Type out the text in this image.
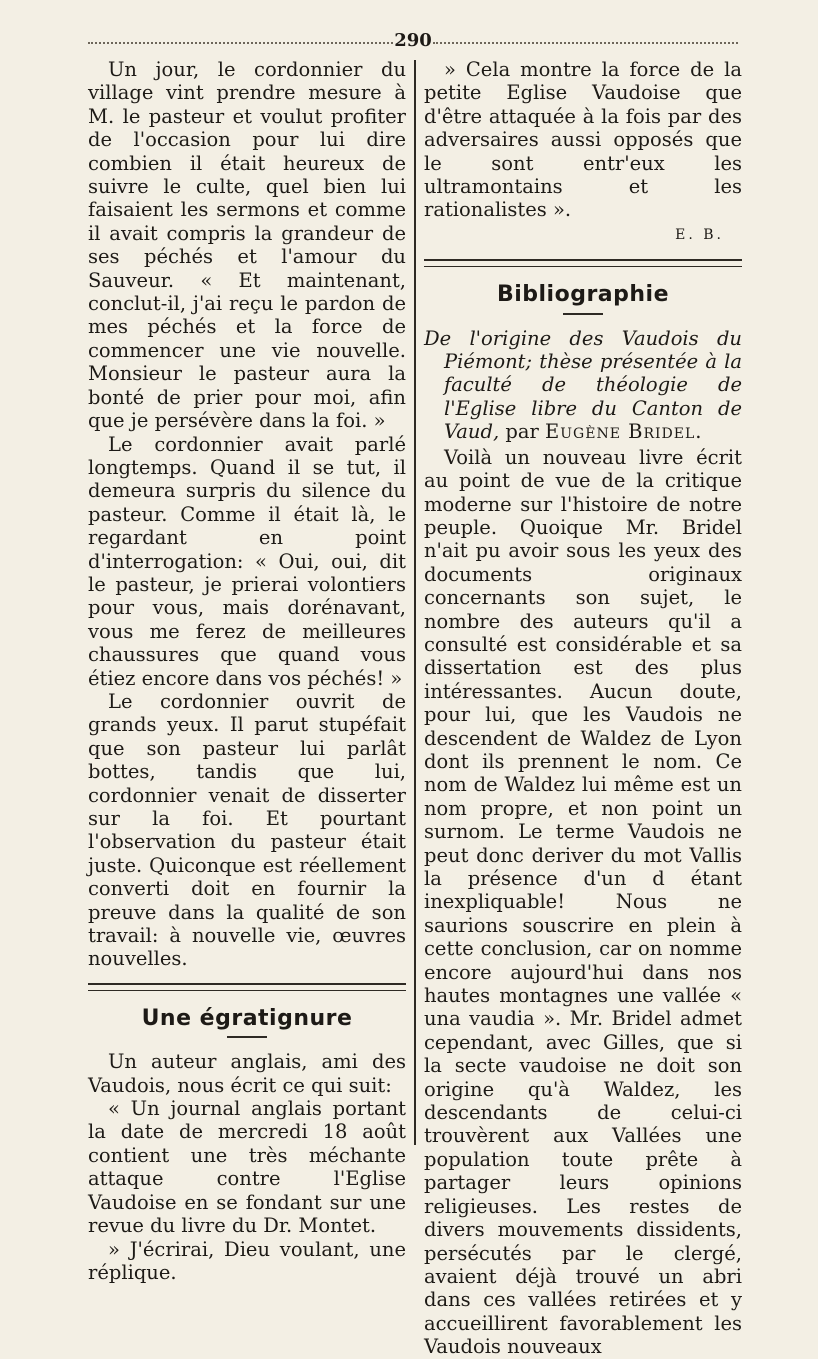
290

Un jour, le cordonnier du village vint prendre mesure à M. le pasteur et voulut profiter de l'occasion pour lui dire combien il était heureux de suivre le culte, quel bien lui faisaient les sermons et comme il avait compris la grandeur de ses péchés et l'amour du Sauveur. « Et maintenant, conclut-il, j'ai reçu le pardon de mes péchés et la force de commencer une vie nouvelle. Monsieur le pasteur aura la bonté de prier pour moi, afin que je persévère dans la foi. »

Le cordonnier avait parlé longtemps. Quand il se tut, il demeura surpris du silence du pasteur. Comme il était là, le regardant en point d'interrogation: « Oui, oui, dit le pasteur, je prierai volontiers pour vous, mais dorénavant, vous me ferez de meilleures chaussures que quand vous étiez encore dans vos péchés! »

Le cordonnier ouvrit de grands yeux. Il parut stupéfait que son pasteur lui parlât bottes, tandis que lui, cordonnier venait de disserter sur la foi. Et pourtant l'observation du pasteur était juste. Quiconque est réellement converti doit en fournir la preuve dans la qualité de son travail: à nouvelle vie, œuvres nouvelles.

Une égratignure

Un auteur anglais, ami des Vaudois, nous écrit ce qui suit:

« Un journal anglais portant la date de mercredi 18 août contient une très méchante attaque contre l'Eglise Vaudoise en se fondant sur une revue du livre du Dr. Montet.

» J'écrirai, Dieu voulant, une réplique.

» Cela montre la force de la petite Eglise Vaudoise que d'être attaquée à la fois par des adversaires aussi opposés que le sont entr'eux les ultramontains et les rationalistes ».

E. B.
Bibliographie
De l'origine des Vaudois du Piémont; thèse présentée à la faculté de théologie de l'Eglise libre du Canton de Vaud, par Eugène Bridel.

Voilà un nouveau livre écrit au point de vue de la critique moderne sur l'histoire de notre peuple. Quoique Mr. Bridel n'ait pu avoir sous les yeux des documents originaux concernants son sujet, le nombre des auteurs qu'il a consulté est considérable et sa dissertation est des plus intéressantes. Aucun doute, pour lui, que les Vaudois ne descendent de Waldez de Lyon dont ils prennent le nom. Ce nom de Waldez lui même est un nom propre, et non point un surnom. Le terme Vaudois ne peut donc deriver du mot Vallis la présence d'un d étant inexpliquable! Nous ne saurions souscrire en plein à cette conclusion, car on nomme encore aujourd'hui dans nos hautes montagnes une vallée « una vaudia ». Mr. Bridel admet cependant, avec Gilles, que si la secte vaudoise ne doit son origine qu'à Waldez, les descendants de celui-ci trouvèrent aux Vallées une population toute prête à partager leurs opinions religieuses. Les restes de divers mouvements dissidents, persécutés par le clergé, avaient déjà trouvé un abri dans ces vallées retirées et y accueillirent favorablement les Vaudois nouveaux
